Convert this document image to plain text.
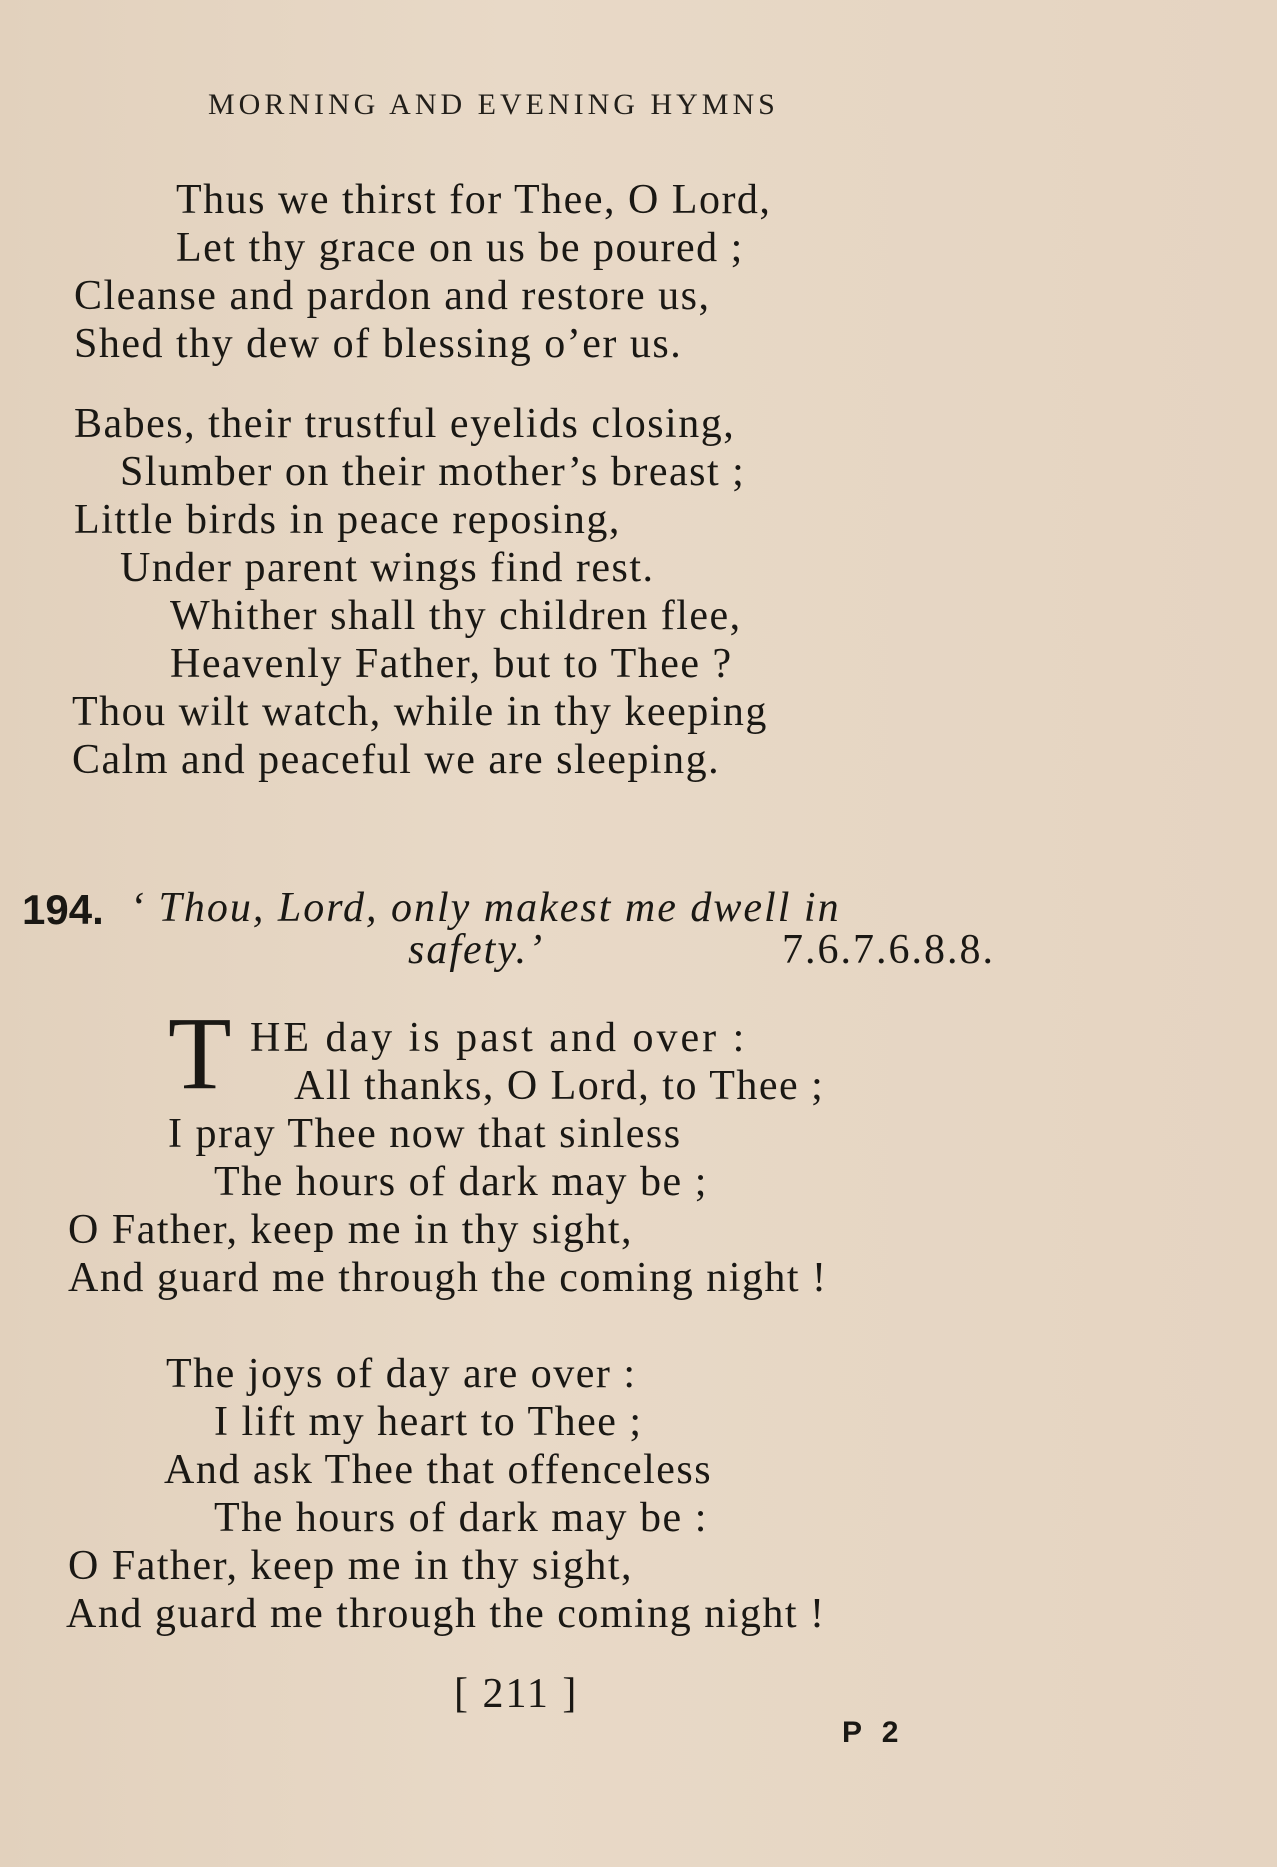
MORNING AND EVENING HYMNS
Thus we thirst for Thee, O Lord,
Let thy grace on us be poured ;
Cleanse and pardon and restore us,
Shed thy dew of blessing o’er us.
Babes, their trustful eyelids closing,
Slumber on their mother’s breast ;
Little birds in peace reposing,
Under parent wings find rest.
Whither shall thy children flee,
Heavenly Father, but to Thee ?
Thou wilt watch, while in thy keeping
Calm and peaceful we are sleeping.
194. ‘ Thou, Lord, only makest me dwell in
safety.’	7.6.7.6.8.8.
T HE day is past and over :
All thanks, O Lord, to Thee ;
I pray Thee now that sinless
The hours of dark may be ;
O Father, keep me in thy sight,
And guard me through the coming night !
The joys of day are over :
I lift my heart to Thee ;
And ask Thee that offenceless
The hours of dark may be :
O Father, keep me in thy sight,
And guard me through the coming night !
[ 211 ]
P 2
